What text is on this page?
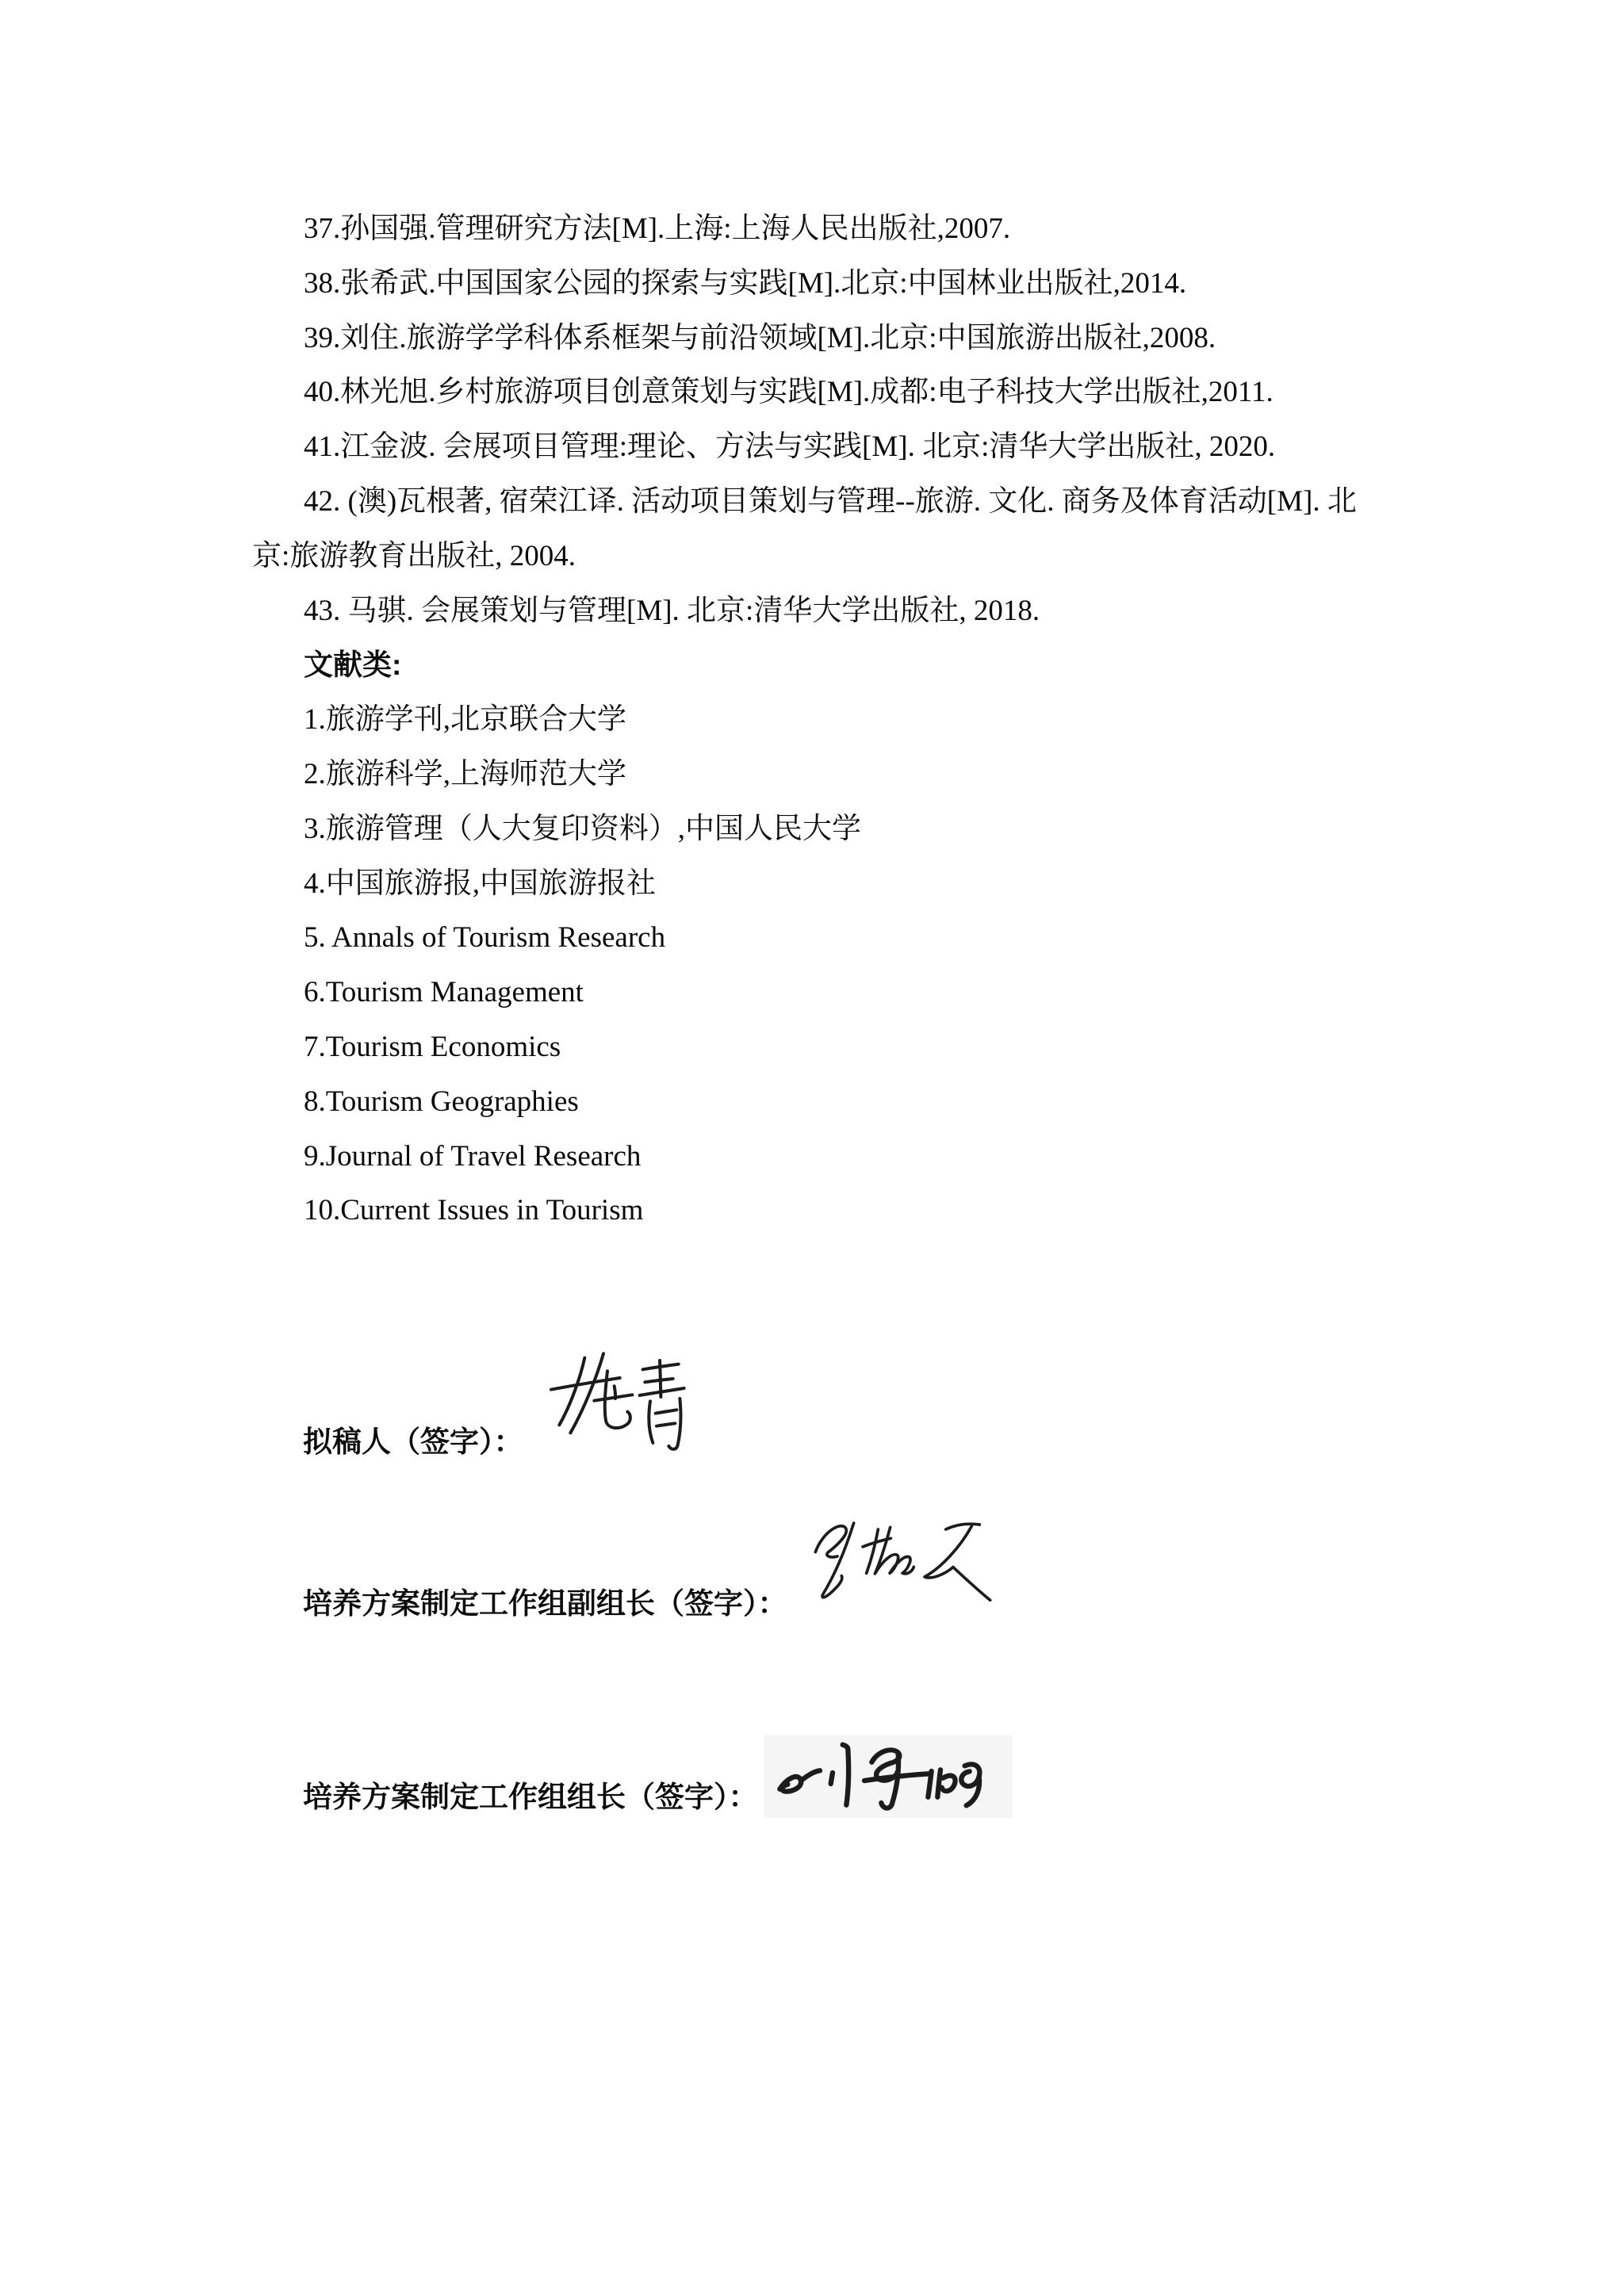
37.孙国强.管理研究方法[M].上海:上海人民出版社,2007.

38.张希武.中国国家公园的探索与实践[M].北京:中国林业出版社,2014.

39.刘住.旅游学学科体系框架与前沿领域[M].北京:中国旅游出版社,2008.

40.林光旭.乡村旅游项目创意策划与实践[M].成都:电子科技大学出版社,2011.

41.江金波. 会展项目管理:理论、方法与实践[M]. 北京:清华大学出版社, 2020.

42. (澳)瓦根著, 宿荣江译. 活动项目策划与管理--旅游. 文化. 商务及体育活动[M]. 北

京:旅游教育出版社, 2004.

43. 马骐. 会展策划与管理[M]. 北京:清华大学出版社, 2018.

文献类:

1.旅游学刊,北京联合大学

2.旅游科学,上海师范大学

3.旅游管理（人大复印资料）,中国人民大学

4.中国旅游报,中国旅游报社

5. Annals of Tourism Research

6.Tourism Management

7.Tourism Economics

8.Tourism Geographies

9.Journal of Travel Research

10.Current Issues in Tourism

拟稿人（签字）：
培养方案制定工作组副组长（签字）：
培养方案制定工作组组长（签字）：
